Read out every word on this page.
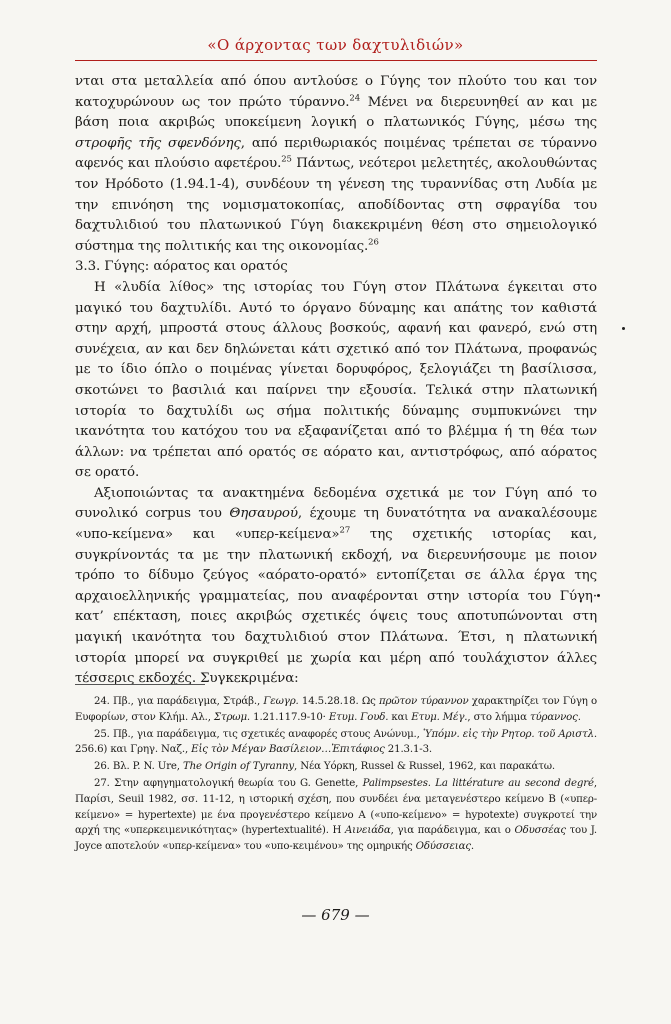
«Ο άρχοντας των δαχτυλιδιών»

νται στα μεταλλεία από όπου αντλούσε ο Γύγης τον πλούτο του και τον κατοχυρώνουν ως τον πρώτο τύραννο.$^{24}$ Μένει να διερευνηθεί αν και με βάση ποια ακριβώς υποκείμενη λογική ο πλατωνικός Γύγης, μέσω της στροφῆς τῆς σφενδόνης, από περιθωριακός ποιμένας τρέπεται σε τύραννο αφενός και πλούσιο αφετέρου.$^{25}$ Πάντως, νεότεροι μελετητές, ακολουθώντας τον Ηρόδοτο (1.94.1-4), συνδέουν τη γένεση της τυραννίδας στη Λυδία με την επινόηση της νομισματοκοπίας, αποδίδοντας στη σφραγίδα του δαχτυλιδιού του πλατωνικού Γύγη διακεκριμένη θέση στο σημειολογικό σύστημα της πολιτικής και της οικονομίας.$^{26}$

3.3. Γύγης: αόρατος και ορατός

Η «λυδία λίθος» της ιστορίας του Γύγη στον Πλάτωνα έγκειται στο μαγικό του δαχτυλίδι. Αυτό το όργανο δύναμης και απάτης τον καθιστά στην αρχή, μπροστά στους άλλους βοσκούς, αφανή και φανερό, ενώ στη συνέχεια, αν και δεν δηλώνεται κάτι σχετικό από τον Πλάτωνα, προφανώς με το ίδιο όπλο ο ποιμένας γίνεται δορυφόρος, ξελογιάζει τη βασίλισσα, σκοτώνει το βασιλιά και παίρνει την εξουσία. Τελικά στην πλατωνική ιστορία το δαχτυλίδι ως σήμα πολιτικής δύναμης συμπυκνώνει την ικανότητα του κατόχου του να εξαφανίζεται από το βλέμμα ή τη θέα των άλλων: να τρέπεται από ορατός σε αόρατο και, αντιστρόφως, από αόρατος σε ορατό.

Αξιοποιώντας τα ανακτημένα δεδομένα σχετικά με τον Γύγη από το συνολικό corpus του Θησαυρού, έχουμε τη δυνατότητα να ανακαλέσουμε «υπο-κείμενα» και «υπερ-κείμενα»$^{27}$ της σχετικής ιστορίας και, συγκρίνοντάς τα με την πλατωνική εκδοχή, να διερευνήσουμε με ποιον τρόπο το δίδυμο ζεύγος «αόρατο-ορατό» εντοπίζεται σε άλλα έργα της αρχαιοελληνικής γραμματείας, που αναφέρονται στην ιστορία του Γύγη· κατ’ επέκταση, ποιες ακριβώς σχετικές όψεις τους αποτυπώνονται στη μαγική ικανότητα του δαχτυλιδιού στον Πλάτωνα. Έτσι, η πλατωνική ιστορία μπορεί να συγκριθεί με χωρία και μέρη από τουλάχιστον άλλες τέσσερις εκδοχές. Συγκεκριμένα:

24. Πβ., για παράδειγμα, Στράβ., Γεωγρ. 14.5.28.18. Ως πρῶτον τύραννον χαρακτηρίζει τον Γύγη ο Ευφορίων, στον Κλήμ. Αλ., Στρωμ. 1.21.117.9-10· Ετυμ. Γουδ. και Ετυμ. Μέγ., στο λήμμα τύραννος.

25. Πβ., για παράδειγμα, τις σχετικές αναφορές στους Ανώνυμ., Ὑπόμν. εἰς τὴν Ρητορ. τοῦ Αριστλ. 256.6) και Γρηγ. Ναζ., Εἰς τὸν Μέγαν Βασίλειον…Ἐπιτάφιος 21.3.1-3.

26. Βλ. P. N. Ure, The Origin of Tyranny, Νέα Υόρκη, Russel & Russel, 1962, και παρακάτω.

27. Στην αφηγηματολογική θεωρία του G. Genette, Palimpsestes. La littérature au second degré, Παρίσι, Seuil 1982, σσ. 11-12, η ιστορική σχέση, που συνδέει ένα μεταγενέστερο κείμενο Β («υπερ-κείμενο» = hypertexte) με ένα προγενέστερο κείμενο Α («υπο-κείμενο» = hypotexte) συγκροτεί την αρχή της «υπερκειμενικότητας» (hypertextualité). Η Αινειάδα, για παράδειγμα, και ο Οδυσσέας του J. Joyce αποτελούν «υπερ-κείμενα» του «υπο-κειμένου» της ομηρικής Οδύσσειας.

— 679 —
